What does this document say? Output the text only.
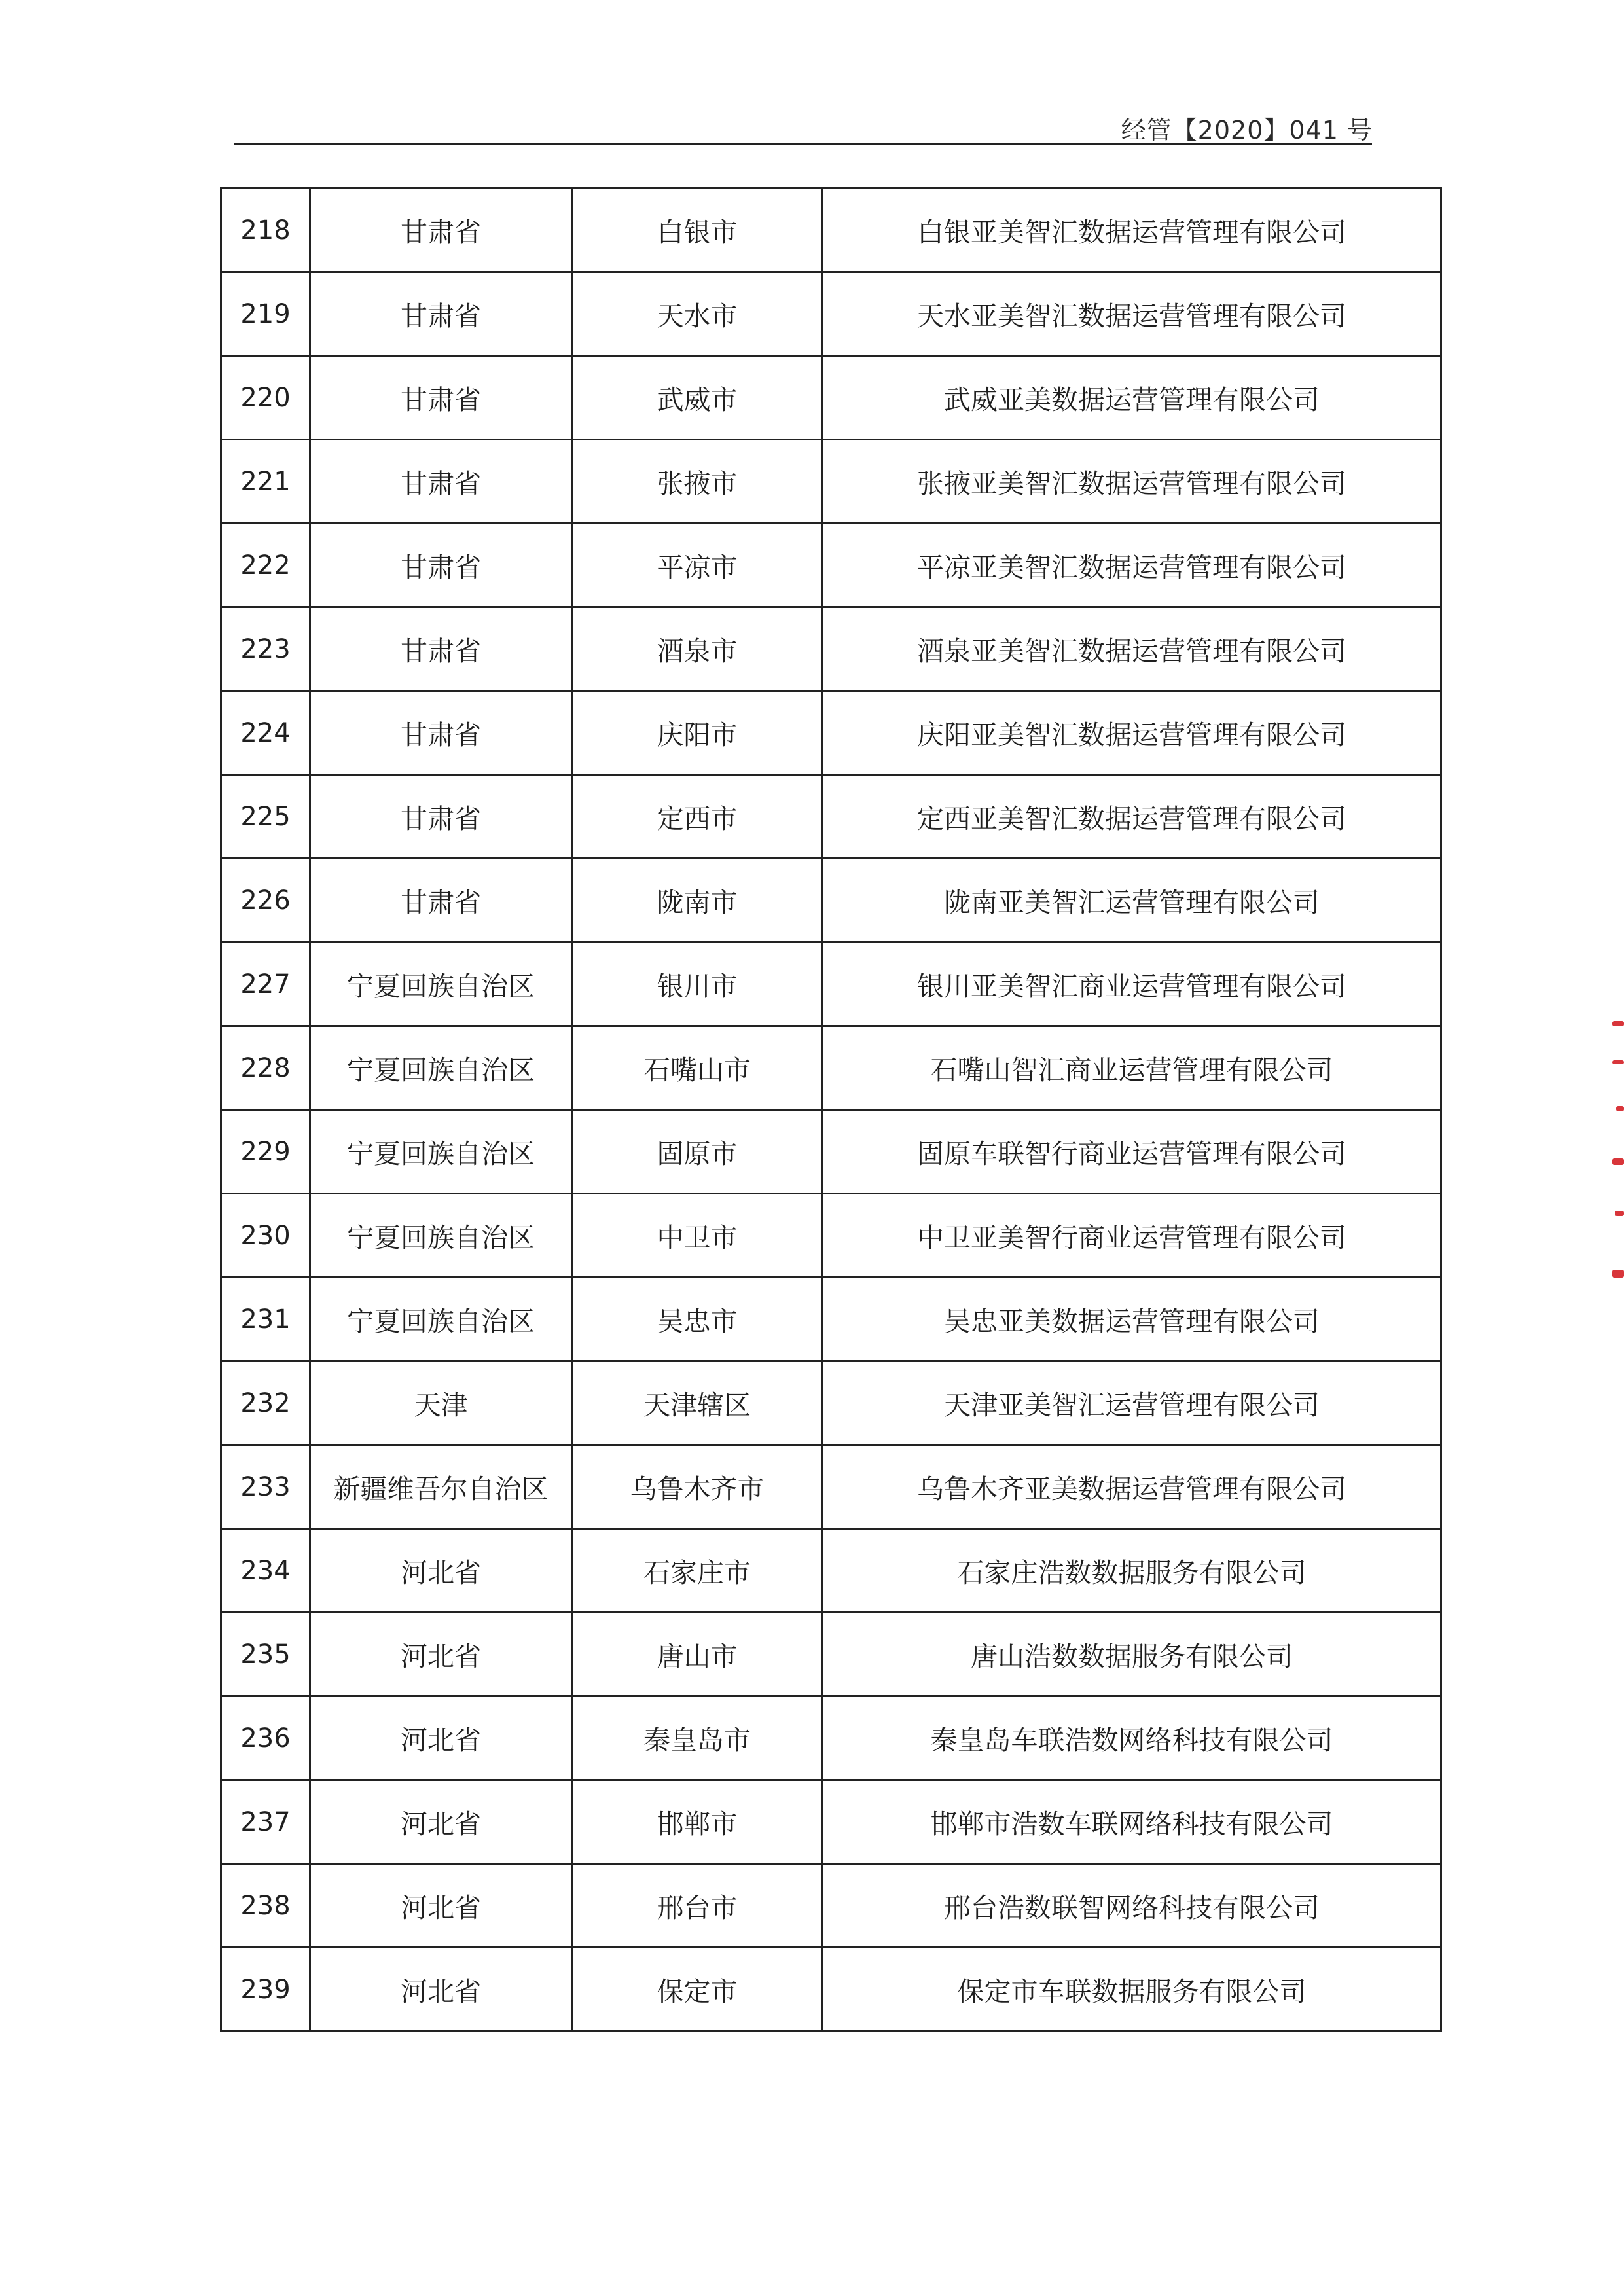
经管【2020】041 号
218	甘肃省	白银市	白银亚美智汇数据运营管理有限公司
219	甘肃省	天水市	天水亚美智汇数据运营管理有限公司
220	甘肃省	武威市	武威亚美数据运营管理有限公司
221	甘肃省	张掖市	张掖亚美智汇数据运营管理有限公司
222	甘肃省	平凉市	平凉亚美智汇数据运营管理有限公司
223	甘肃省	酒泉市	酒泉亚美智汇数据运营管理有限公司
224	甘肃省	庆阳市	庆阳亚美智汇数据运营管理有限公司
225	甘肃省	定西市	定西亚美智汇数据运营管理有限公司
226	甘肃省	陇南市	陇南亚美智汇运营管理有限公司
227	宁夏回族自治区	银川市	银川亚美智汇商业运营管理有限公司
228	宁夏回族自治区	石嘴山市	石嘴山智汇商业运营管理有限公司
229	宁夏回族自治区	固原市	固原车联智行商业运营管理有限公司
230	宁夏回族自治区	中卫市	中卫亚美智行商业运营管理有限公司
231	宁夏回族自治区	吴忠市	吴忠亚美数据运营管理有限公司
232	天津	天津辖区	天津亚美智汇运营管理有限公司
233	新疆维吾尔自治区	乌鲁木齐市	乌鲁木齐亚美数据运营管理有限公司
234	河北省	石家庄市	石家庄浩数数据服务有限公司
235	河北省	唐山市	唐山浩数数据服务有限公司
236	河北省	秦皇岛市	秦皇岛车联浩数网络科技有限公司
237	河北省	邯郸市	邯郸市浩数车联网络科技有限公司
238	河北省	邢台市	邢台浩数联智网络科技有限公司
239	河北省	保定市	保定市车联数据服务有限公司
